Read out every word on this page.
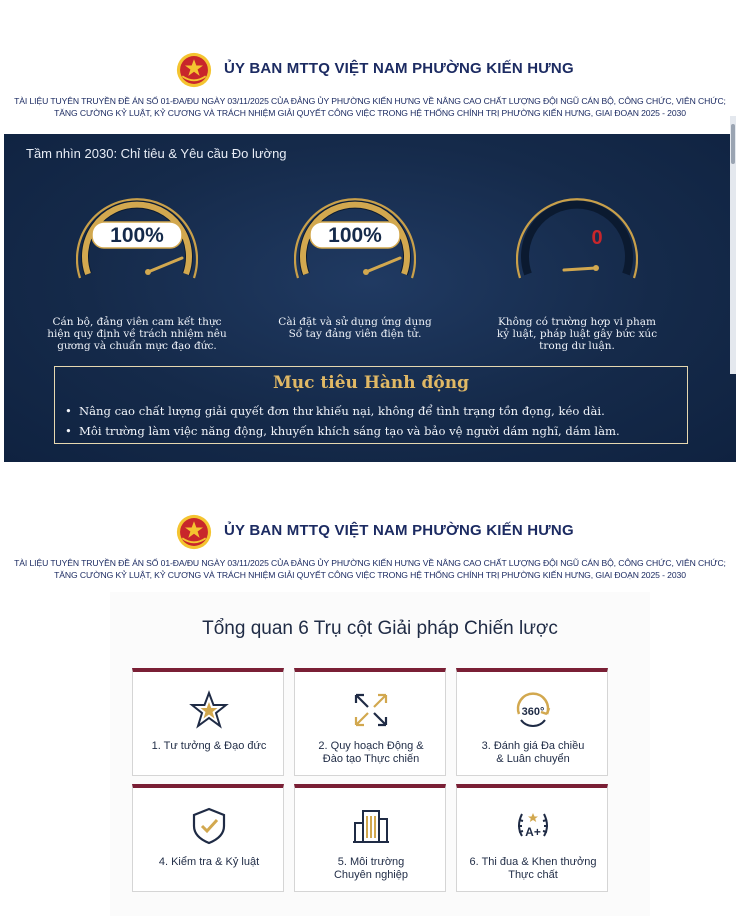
ỦY BAN MTTQ VIỆT NAM PHƯỜNG KIẾN HƯNG
TÀI LIỆU TUYÊN TRUYỀN ĐỀ ÁN SỐ 01-ĐA/ĐU NGÀY 03/11/2025 CỦA ĐẢNG ỦY PHƯỜNG KIẾN HƯNG VỀ NÂNG CAO CHẤT LƯỢNG ĐỘI NGŨ CÁN BỘ, CÔNG CHỨC, VIÊN CHỨC;
TĂNG CƯỜNG KỶ LUẬT, KỶ CƯƠNG VÀ TRÁCH NHIỆM GIẢI QUYẾT CÔNG VIỆC TRONG HỆ THỐNG CHÍNH TRỊ PHƯỜNG KIẾN HƯNG, GIAI ĐOẠN 2025 - 2030
Tầm nhìn 2030: Chỉ tiêu & Yêu cầu Đo lường
100%
Cán bộ, đảng viên cam kết thực
hiện quy định về trách nhiệm nêu
gương và chuẩn mực đạo đức.
100%
Cài đặt và sử dụng ứng dụng
Sổ tay đảng viên điện tử.
0
Không có trường hợp vi phạm
kỷ luật, pháp luật gây bức xúc
trong dư luận.
Mục tiêu Hành động
• Nâng cao chất lượng giải quyết đơn thư khiếu nại, không để tình trạng tồn đọng, kéo dài.
• Môi trường làm việc năng động, khuyến khích sáng tạo và bảo vệ người dám nghĩ, dám làm.
ỦY BAN MTTQ VIỆT NAM PHƯỜNG KIẾN HƯNG
TÀI LIỆU TUYÊN TRUYỀN ĐỀ ÁN SỐ 01-ĐA/ĐU NGÀY 03/11/2025 CỦA ĐẢNG ỦY PHƯỜNG KIẾN HƯNG VỀ NÂNG CAO CHẤT LƯỢNG ĐỘI NGŨ CÁN BỘ, CÔNG CHỨC, VIÊN CHỨC;
TĂNG CƯỜNG KỶ LUẬT, KỶ CƯƠNG VÀ TRÁCH NHIỆM GIẢI QUYẾT CÔNG VIỆC TRONG HỆ THỐNG CHÍNH TRỊ PHƯỜNG KIẾN HƯNG, GIAI ĐOẠN 2025 - 2030
Tổng quan 6 Trụ cột Giải pháp Chiến lược
1. Tư tưởng & Đạo đức	2. Quy hoạch Động &
Đào tạo Thực chiến
360°
3. Đánh giá Đa chiều
& Luân chuyển
4. Kiểm tra & Kỷ luật	5. Môi trường
Chuyên nghiệp
A+
6. Thi đua & Khen thưởng
Thực chất
